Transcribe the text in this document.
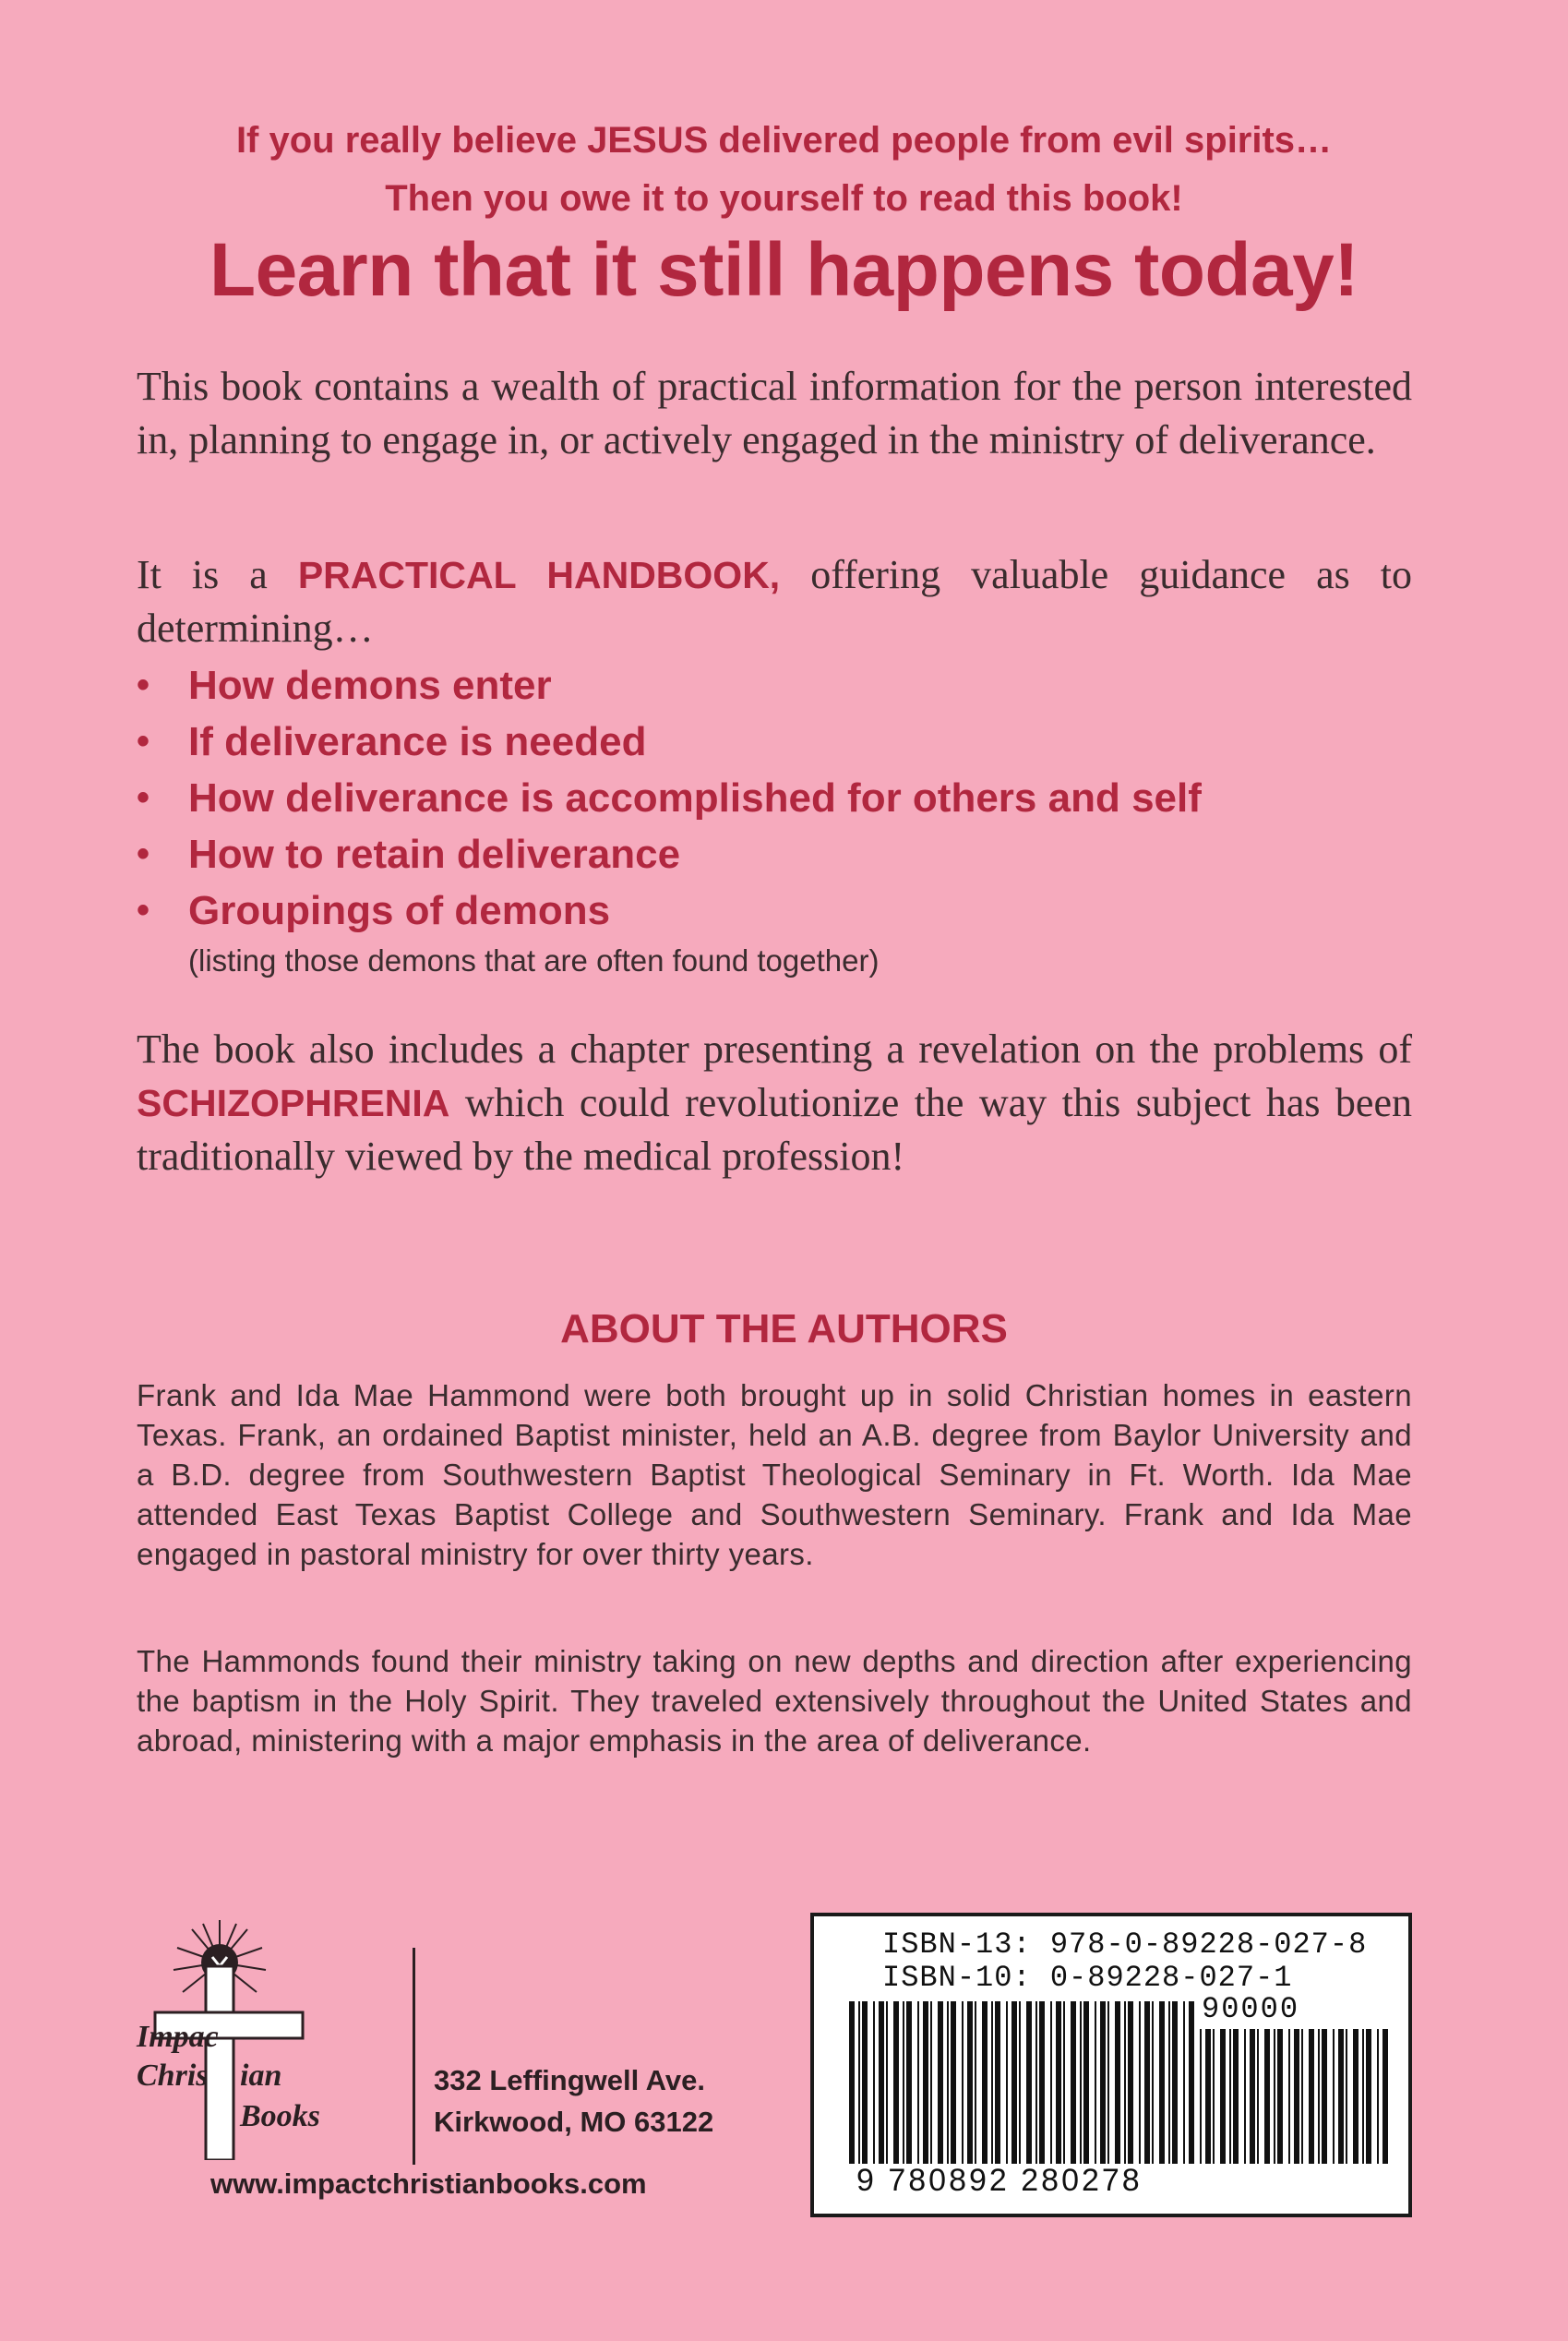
If you really believe JESUS delivered people from evil spirits…
Then you owe it to yourself to read this book!
Learn that it still happens today!
This book contains a wealth of practical information for the person interested in, planning to engage in, or actively engaged in the ministry of deliverance.
It is a PRACTICAL HANDBOOK, offering valuable guidance as to determining…
• How demons enter
• If deliverance is needed
• How deliverance is accomplished for others and self
• How to retain deliverance
• Groupings of demons
(listing those demons that are often found together)
The book also includes a chapter presenting a revelation on the problems of SCHIZOPHRENIA which could revolutionize the way this subject has been traditionally viewed by the medical profession!
ABOUT THE AUTHORS
Frank and Ida Mae Hammond were both brought up in solid Christian homes in eastern Texas. Frank, an ordained Baptist minister, held an A.B. degree from Baylor University and a B.D. degree from Southwestern Baptist Theological Seminary in Ft. Worth. Ida Mae attended East Texas Baptist College and Southwestern Seminary. Frank and Ida Mae engaged in pastoral ministry for over thirty years.
The Hammonds found their ministry taking on new depths and direction after experiencing the baptism in the Holy Spirit. They traveled extensively throughout the United States and abroad, ministering with a major emphasis in the area of deliverance.
Impac
Chris ian
Books
332 Leffingwell Ave.
Kirkwood, MO 63122
www.impactchristianbooks.com
ISBN-13: 978-0-89228-027-8
ISBN-10: 0-89228-027-1
90000
9 780892 280278
